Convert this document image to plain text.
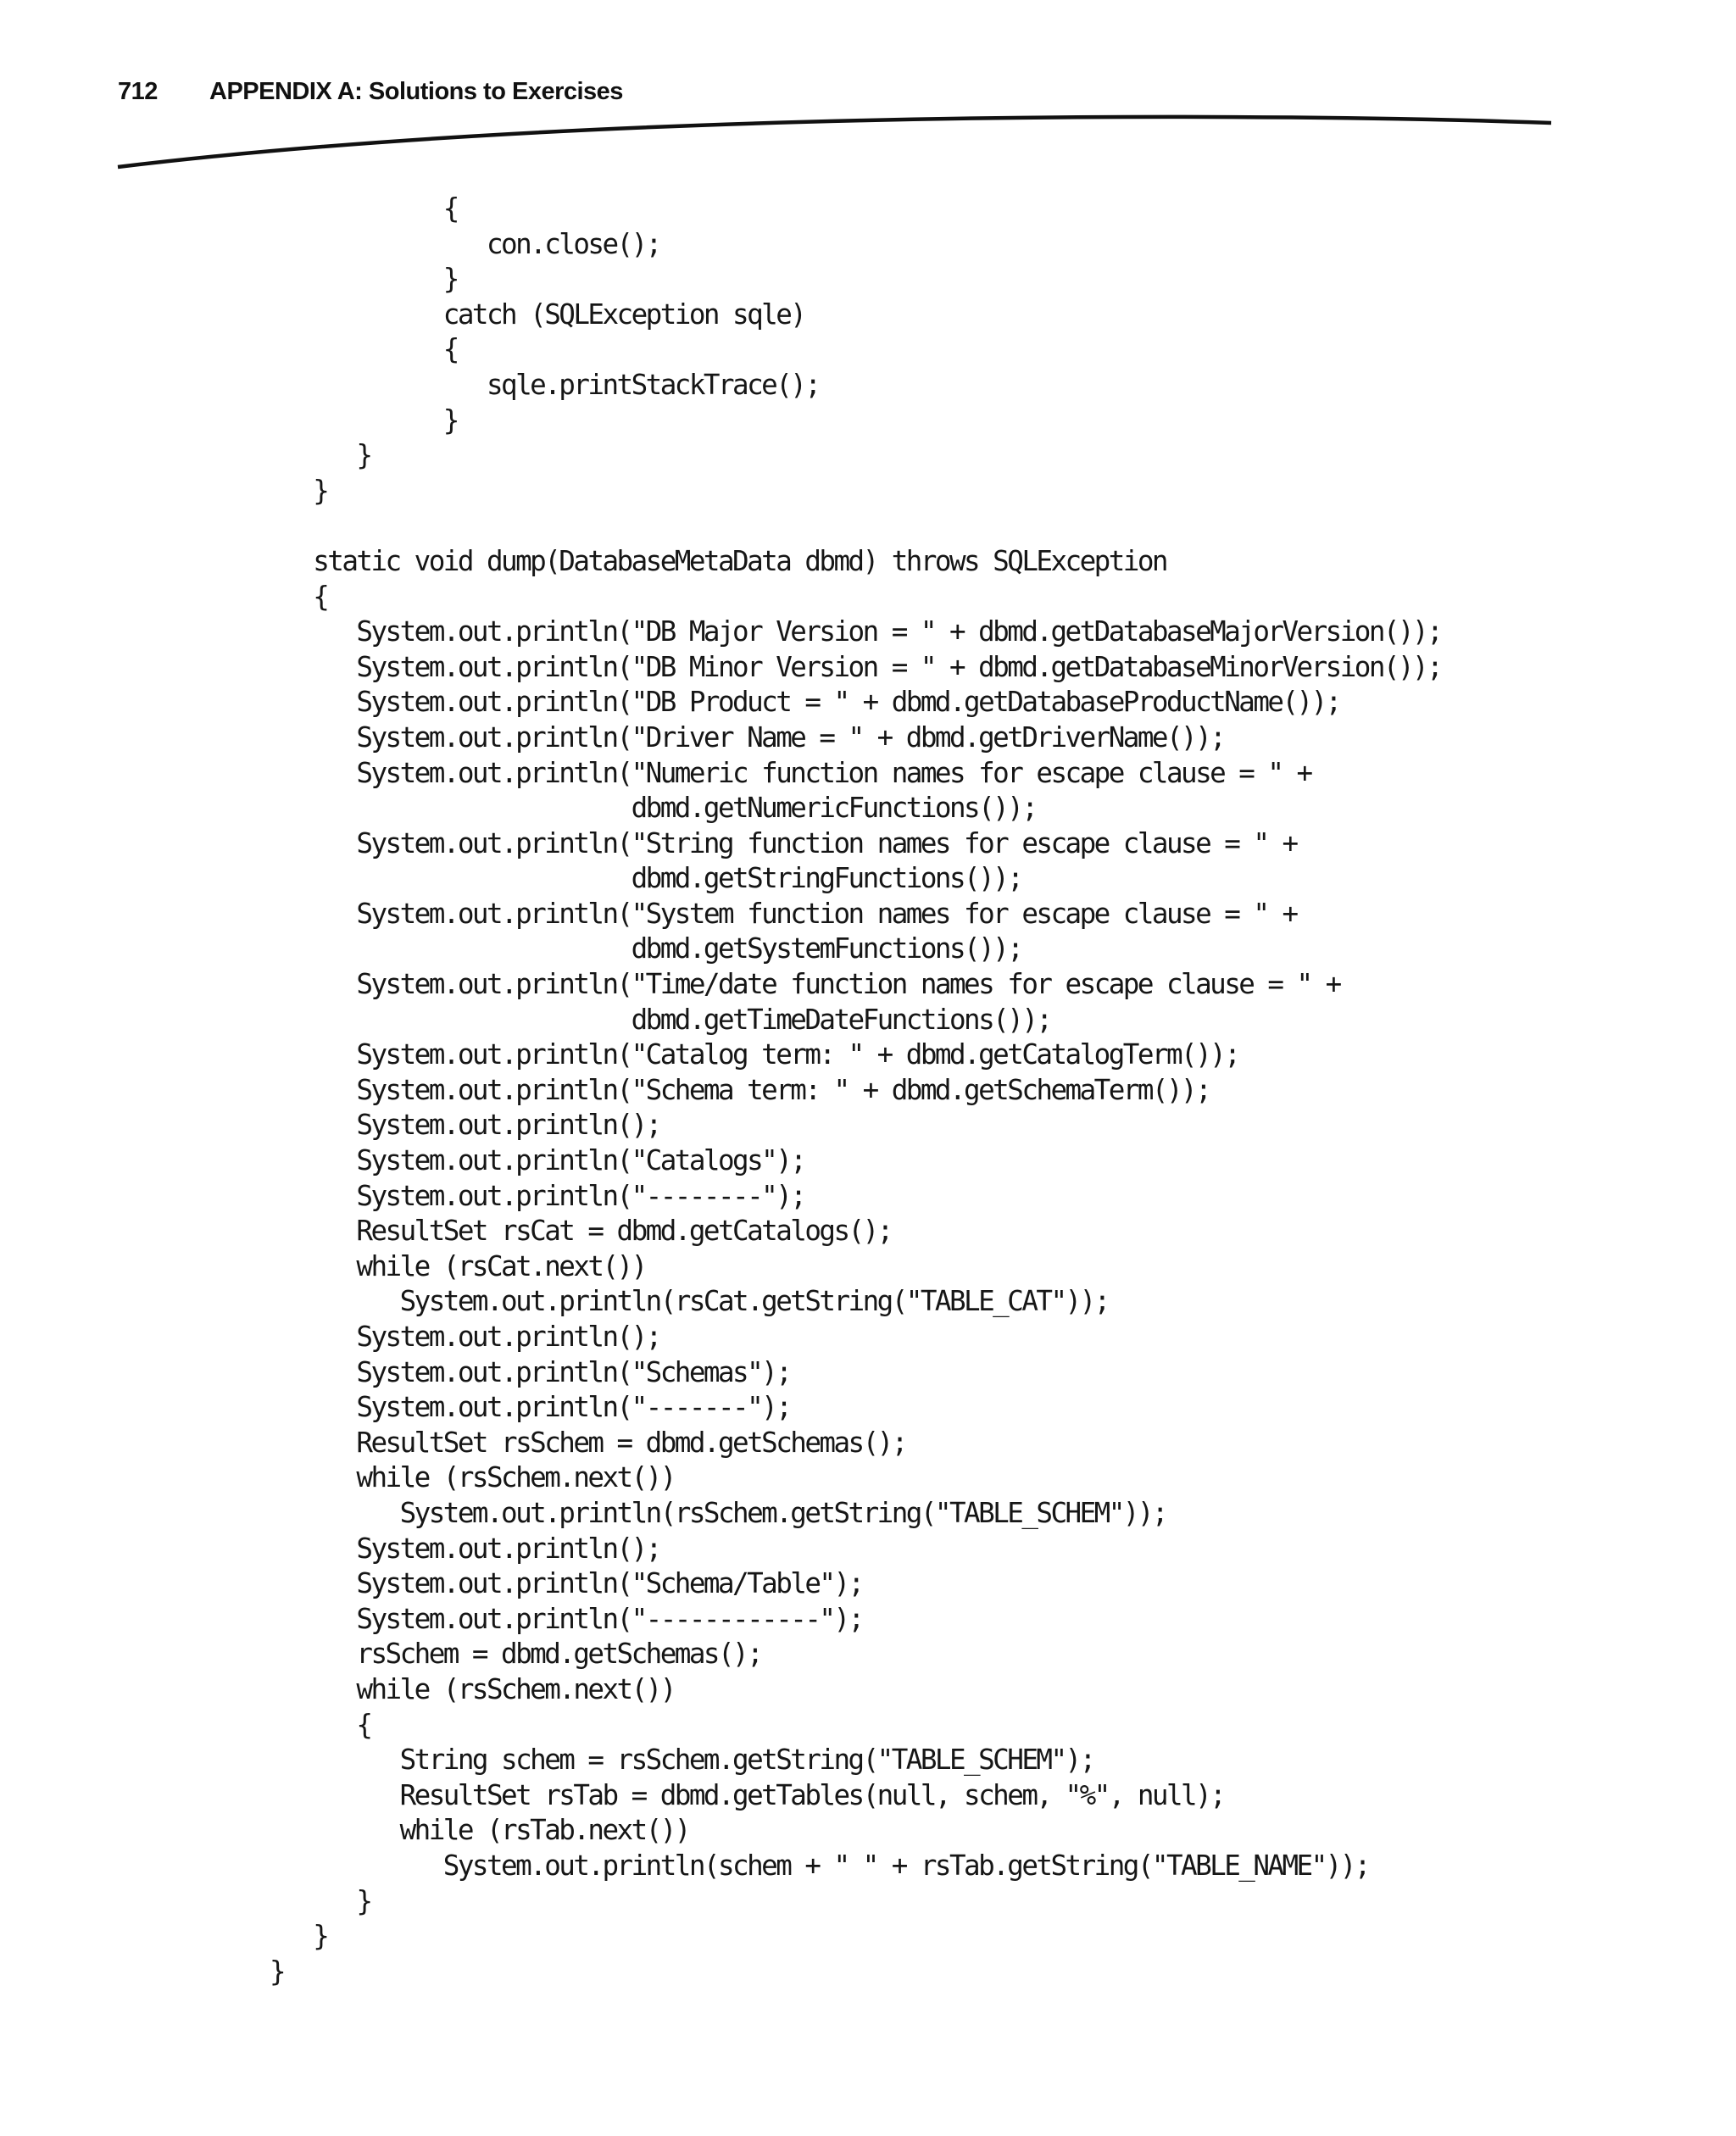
712	APPENDIX A: Solutions to Exercises
{
con.close();
}
catch (SQLException sqle)
{
sqle.printStackTrace();
}
}
}
static void dump(DatabaseMetaData dbmd) throws SQLException
{
System.out.println("DB Major Version = " + dbmd.getDatabaseMajorVersion());
System.out.println("DB Minor Version = " + dbmd.getDatabaseMinorVersion());
System.out.println("DB Product = " + dbmd.getDatabaseProductName());
System.out.println("Driver Name = " + dbmd.getDriverName());
System.out.println("Numeric function names for escape clause = " +
dbmd.getNumericFunctions());
System.out.println("String function names for escape clause = " +
dbmd.getStringFunctions());
System.out.println("System function names for escape clause = " +
dbmd.getSystemFunctions());
System.out.println("Time/date function names for escape clause = " +
dbmd.getTimeDateFunctions());
System.out.println("Catalog term: " + dbmd.getCatalogTerm());
System.out.println("Schema term: " + dbmd.getSchemaTerm());
System.out.println();
System.out.println("Catalogs");
System.out.println("--------");
ResultSet rsCat = dbmd.getCatalogs();
while (rsCat.next())
System.out.println(rsCat.getString("TABLE_CAT"));
System.out.println();
System.out.println("Schemas");
System.out.println("-------");
ResultSet rsSchem = dbmd.getSchemas();
while (rsSchem.next())
System.out.println(rsSchem.getString("TABLE_SCHEM"));
System.out.println();
System.out.println("Schema/Table");
System.out.println("------------");
rsSchem = dbmd.getSchemas();
while (rsSchem.next())
{
String schem = rsSchem.getString("TABLE_SCHEM");
ResultSet rsTab = dbmd.getTables(null, schem, "%", null);
while (rsTab.next())
System.out.println(schem + " " + rsTab.getString("TABLE_NAME"));
}
}
}
